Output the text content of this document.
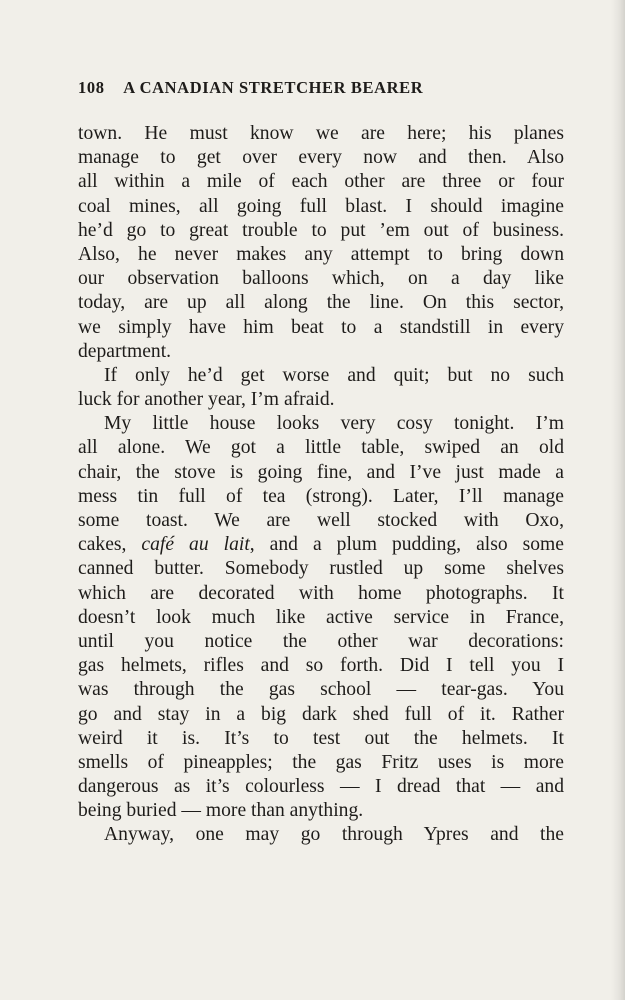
108 A CANADIAN STRETCHER BEARER
town. He must know we are here; his planes
manage to get over every now and then. Also
all within a mile of each other are three or four
coal mines, all going full blast. I should imagine
he’d go to great trouble to put ’em out of business.
Also, he never makes any attempt to bring down
our observation balloons which, on a day like
today, are up all along the line. On this sector,
we simply have him beat to a standstill in every
department.
If only he’d get worse and quit; but no such
luck for another year, I’m afraid.
My little house looks very cosy tonight. I’m
all alone. We got a little table, swiped an old
chair, the stove is going fine, and I’ve just made a
mess tin full of tea (strong). Later, I’ll manage
some toast. We are well stocked with Oxo,
cakes, café au lait, and a plum pudding, also some
canned butter. Somebody rustled up some shelves
which are decorated with home photographs. It
doesn’t look much like active service in France,
until you notice the other war decorations:
gas helmets, rifles and so forth. Did I tell you I
was through the gas school — tear-gas. You
go and stay in a big dark shed full of it. Rather
weird it is. It’s to test out the helmets. It
smells of pineapples; the gas Fritz uses is more
dangerous as it’s colourless — I dread that — and
being buried — more than anything.
Anyway, one may go through Ypres and the
